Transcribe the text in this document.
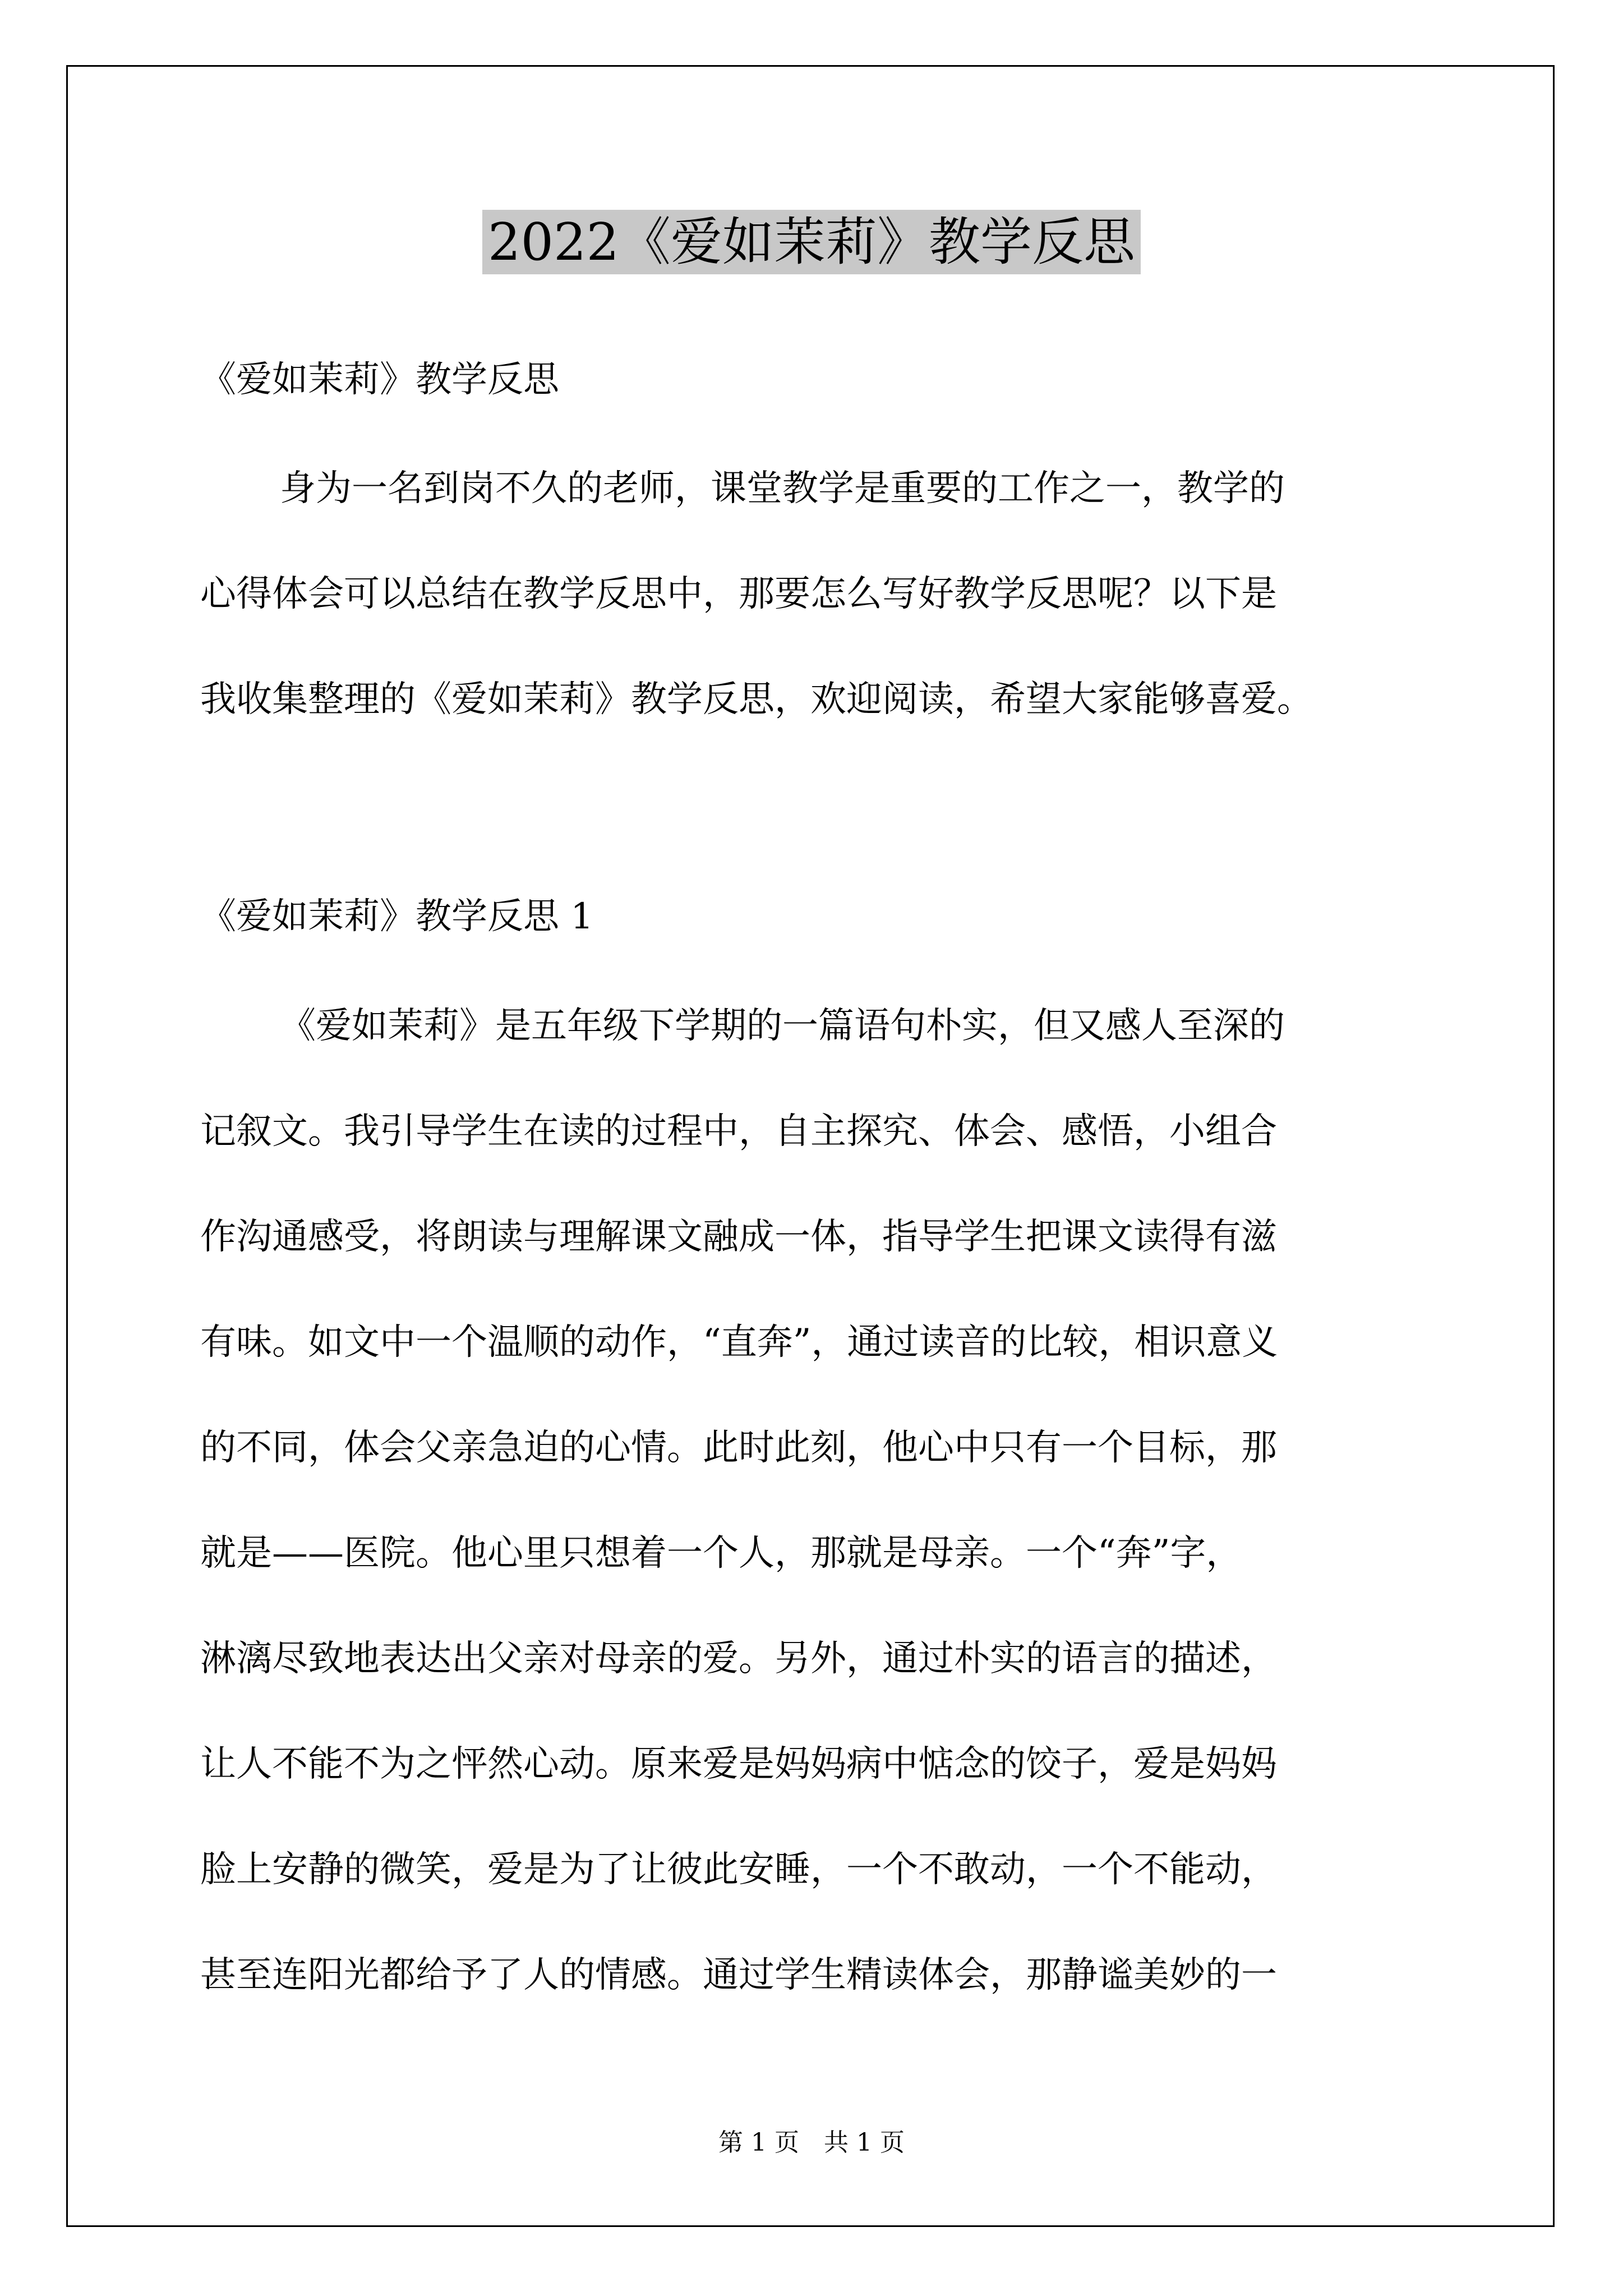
2022《爱如茉莉》教学反思
《爱如茉莉》教学反思
身为一名到岗不久的老师，课堂教学是重要的工作之一，教学的
心得体会可以总结在教学反思中，那要怎么写好教学反思呢？以下是
我收集整理的《爱如茉莉》教学反思，欢迎阅读，希望大家能够喜爱。
《爱如茉莉》教学反思 1
《爱如茉莉》是五年级下学期的一篇语句朴实，但又感人至深的
记叙文。我引导学生在读的过程中，自主探究、体会、感悟，小组合
作沟通感受，将朗读与理解课文融成一体，指导学生把课文读得有滋
有味。如文中一个温顺的动作，“直奔”，通过读音的比较，相识意义
的不同，体会父亲急迫的心情。此时此刻，他心中只有一个目标，那
就是——医院。他心里只想着一个人，那就是母亲。一个“奔”字，
淋漓尽致地表达出父亲对母亲的爱。另外，通过朴实的语言的描述，
让人不能不为之怦然心动。原来爱是妈妈病中惦念的饺子，爱是妈妈
脸上安静的微笑，爱是为了让彼此安睡，一个不敢动，一个不能动，
甚至连阳光都给予了人的情感。通过学生精读体会，那静谧美妙的一
第 1 页　共 1 页
